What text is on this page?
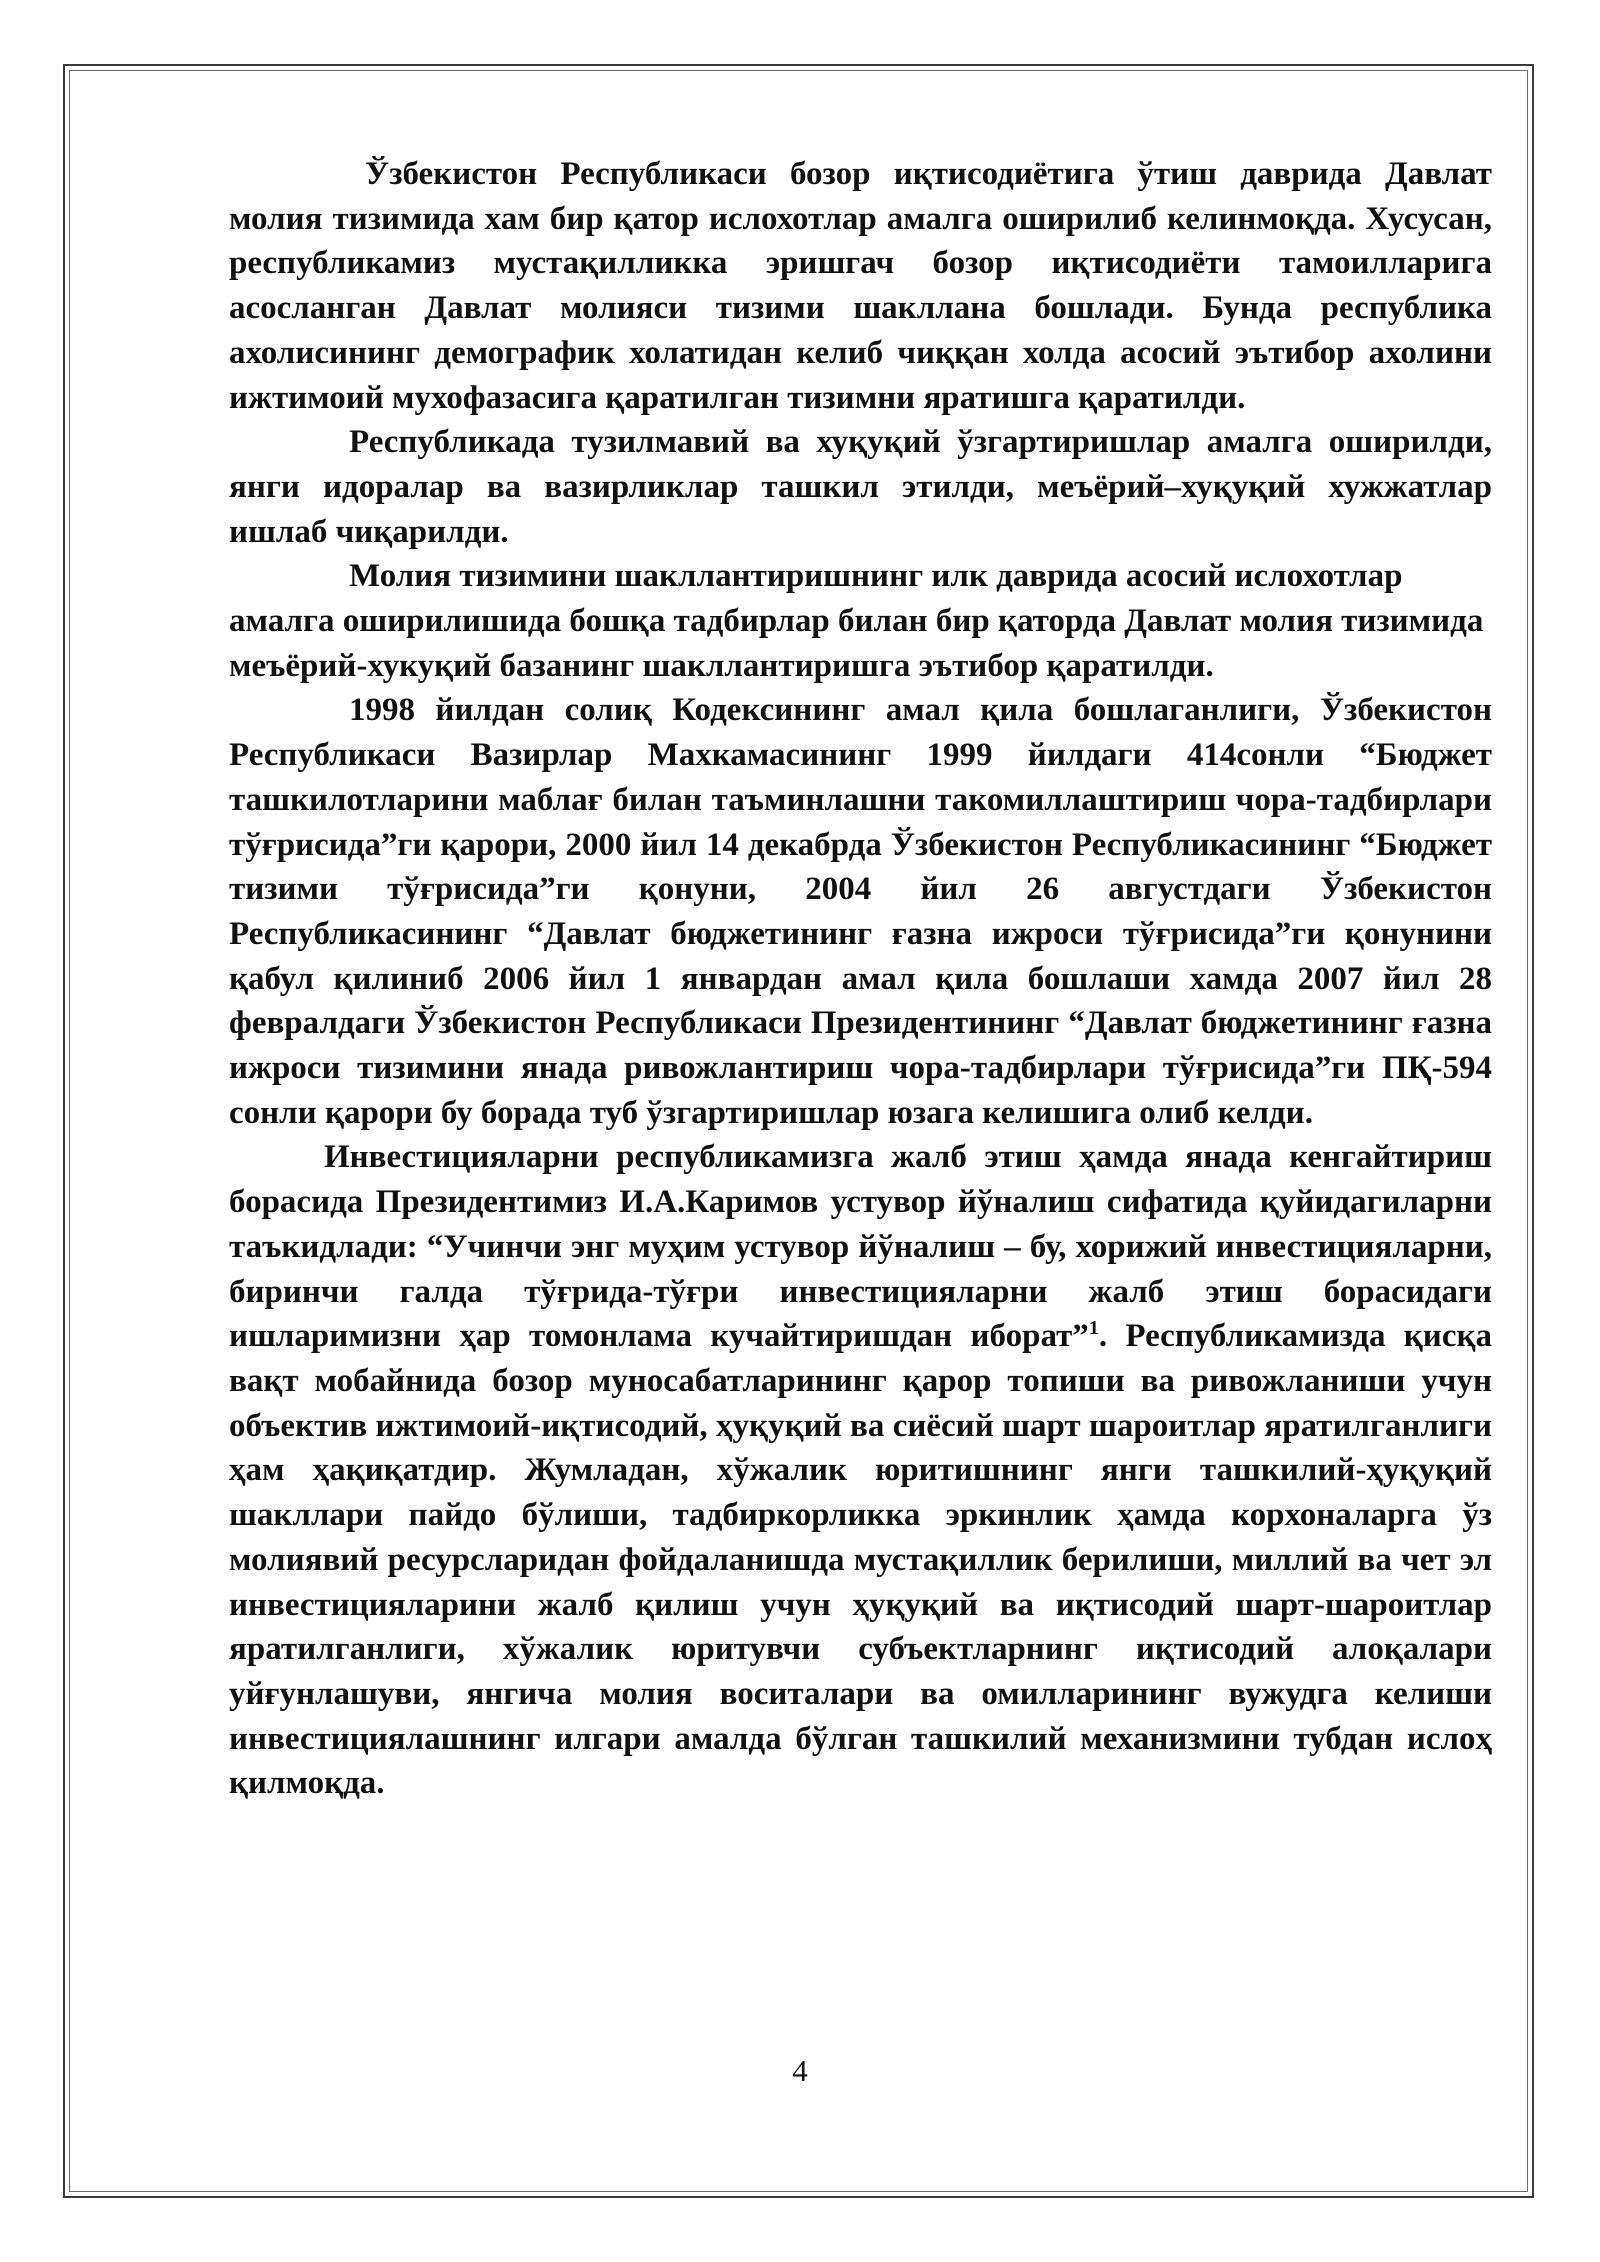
Ўзбекистон Республикаси бозор иқтисодиётига ўтиш даврида Давлат молия тизимида хам бир қатор ислохотлар амалга оширилиб келинмоқда. Хусусан, республикамиз мустақилликка эришгач бозор иқтисодиёти тамоилларига асосланган Давлат молияси тизими шакллана бошлади. Бунда республика ахолисининг демографик холатидан келиб чиққан холда асосий эътибор ахолини ижтимоий мухофазасига қаратилган тизимни яратишга қаратилди.

Республикада тузилмавий ва хуқуқий ўзгартиришлар амалга оширилди, янги идоралар ва вазирликлар ташкил этилди, меъёрий–хуқуқий хужжатлар ишлаб чиқарилди.

Молия тизимини шакллантиришнинг илк даврида асосий ислохотлар амалга оширилишида бошқа тадбирлар билан бир қаторда Давлат молия тизимида меъёрий-хукуқий базанинг шакллантиришга эътибор қаратилди.

1998 йилдан солиқ Кодексининг амал қила бошлаганлиги, Ўзбекистон Республикаси Вазирлар Махкамасининг 1999 йилдаги 414сонли “Бюджет ташкилотларини маблағ билан таъминлашни такомиллаштириш чора-тадбирлари тўғрисида”ги қарори, 2000 йил 14 декабрда Ўзбекистон Республикасининг “Бюджет тизими тўғрисида”ги қонуни, 2004 йил 26 августдаги Ўзбекистон Республикасининг “Давлат бюджетининг ғазна ижроси тўғрисида”ги қонунини қабул қилиниб 2006 йил 1 январдан амал қила бошлаши хамда 2007 йил 28 февралдаги Ўзбекистон Республикаси Президентининг “Давлат бюджетининг ғазна ижроси тизимини янада ривожлантириш чора-тадбирлари тўғрисида”ги ПҚ-594 сонли қарори бу борада туб ўзгартиришлар юзага келишига олиб келди.

Инвестицияларни республикамизга жалб этиш ҳамда янада кенгайтириш борасида Президентимиз И.А.Каримов устувор йўналиш сифатида қуйидагиларни таъкидлади: “Учинчи энг муҳим устувор йўналиш – бу, хорижий инвестицияларни, биринчи галда тўғрида-тўғри инвестицияларни жалб этиш борасидаги ишларимизни ҳар томонлама кучайтиришдан иборат”$^1$. Республикамизда қисқа вақт мобайнида бозор муносабатларининг қарор топиши ва ривожланиши учун объектив ижтимоий-иқтисодий, ҳуқуқий ва сиёсий шарт шароитлар яратилганлиги ҳам ҳақиқатдир. Жумладан, хўжалик юритишнинг янги ташкилий-ҳуқуқий шакллари пайдо бўлиши, тадбиркорликка эркинлик ҳамда корхоналарга ўз молиявий ресурсларидан фойдаланишда мустақиллик берилиши, миллий ва чет эл инвестицияларини жалб қилиш учун ҳуқуқий ва иқтисодий шарт-шароитлар яратилганлиги, хўжалик юритувчи субъектларнинг иқтисодий алоқалари уйғунлашуви, янгича молия воситалари ва омилларининг вужудга келиши инвестициялашнинг илгари амалда бўлган ташкилий механизмини тубдан ислоҳ қилмоқда.

4
